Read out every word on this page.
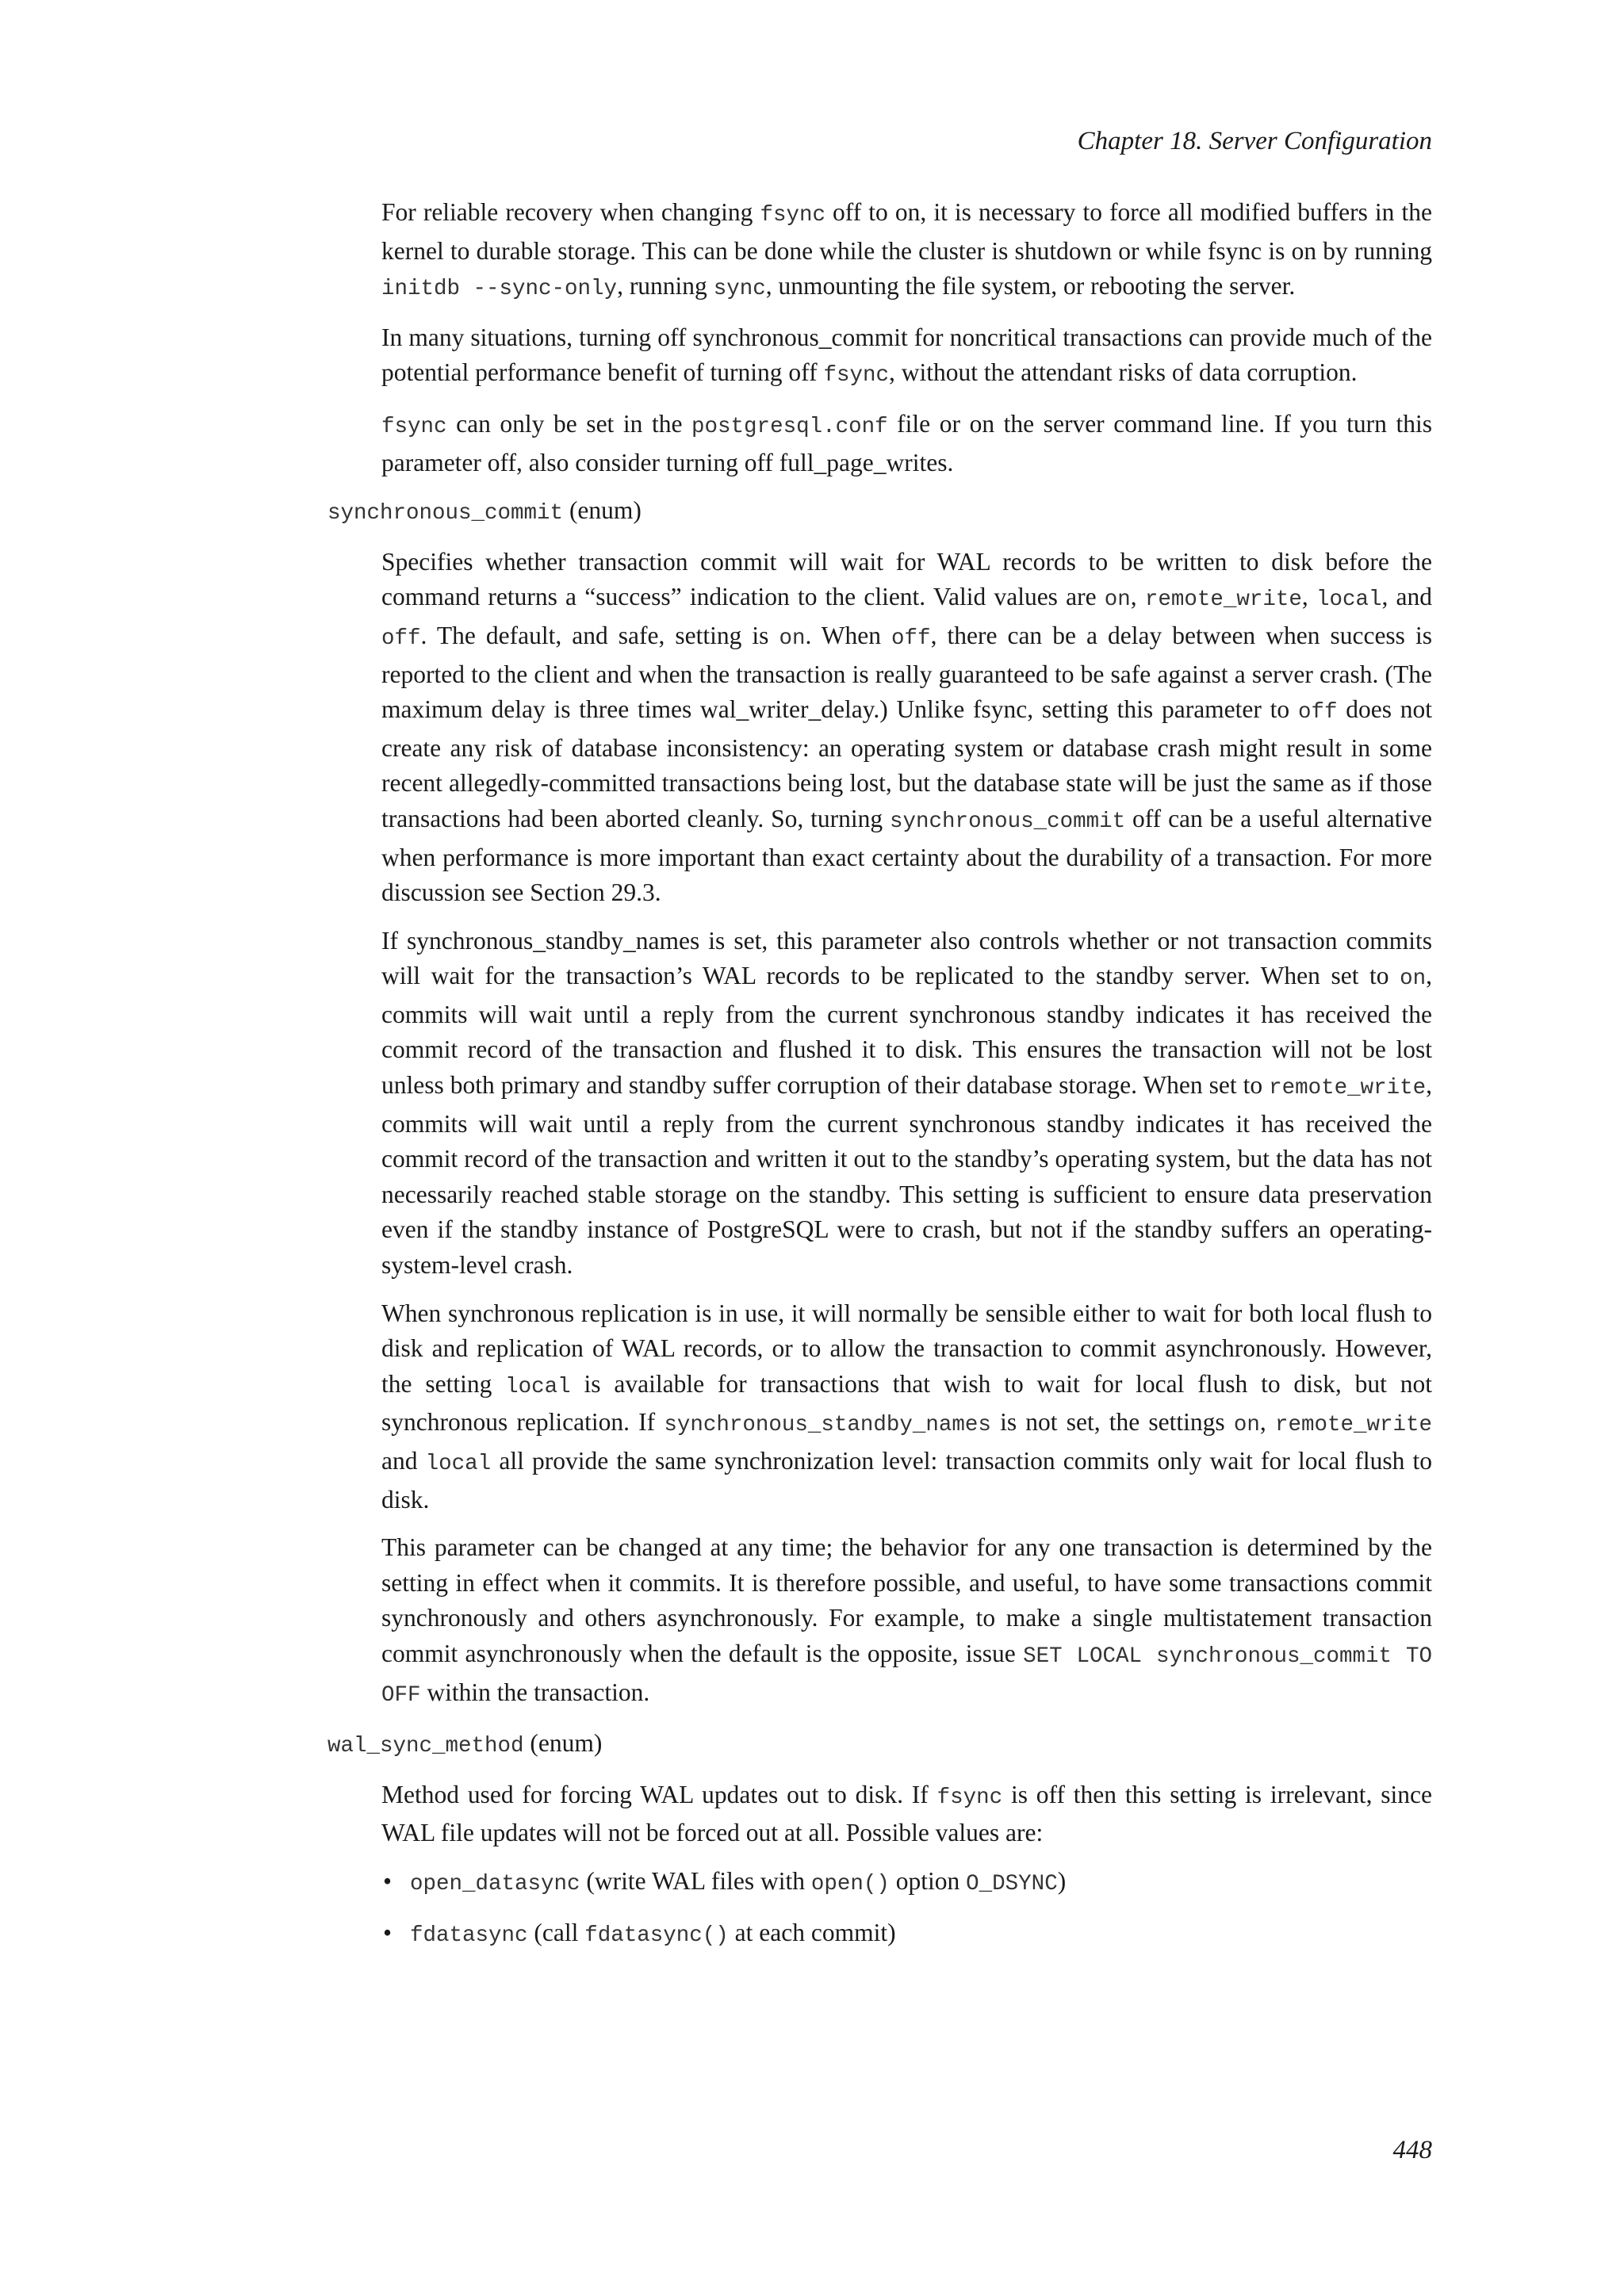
Chapter 18. Server Configuration

For reliable recovery when changing fsync off to on, it is necessary to force all modified buffers in the kernel to durable storage. This can be done while the cluster is shutdown or while fsync is on by running initdb --sync-only, running sync, unmounting the file system, or rebooting the server.

In many situations, turning off synchronous_commit for noncritical transactions can provide much of the potential performance benefit of turning off fsync, without the attendant risks of data corruption.

fsync can only be set in the postgresql.conf file or on the server command line. If you turn this parameter off, also consider turning off full_page_writes.

synchronous_commit (enum)

Specifies whether transaction commit will wait for WAL records to be written to disk before the command returns a “success” indication to the client. Valid values are on, remote_write, local, and off. The default, and safe, setting is on. When off, there can be a delay between when success is reported to the client and when the transaction is really guaranteed to be safe against a server crash. (The maximum delay is three times wal_writer_delay.) Unlike fsync, setting this parameter to off does not create any risk of database inconsistency: an operating system or database crash might result in some recent allegedly-committed transactions being lost, but the database state will be just the same as if those transactions had been aborted cleanly. So, turning synchronous_commit off can be a useful alternative when performance is more important than exact certainty about the durability of a transaction. For more discussion see Section 29.3.

If synchronous_standby_names is set, this parameter also controls whether or not transaction commits will wait for the transaction’s WAL records to be replicated to the standby server. When set to on, commits will wait until a reply from the current synchronous standby indicates it has received the commit record of the transaction and flushed it to disk. This ensures the transaction will not be lost unless both primary and standby suffer corruption of their database storage. When set to remote_write, commits will wait until a reply from the current synchronous standby indicates it has received the commit record of the transaction and written it out to the standby’s operating system, but the data has not necessarily reached stable storage on the standby. This setting is sufficient to ensure data preservation even if the standby instance of PostgreSQL were to crash, but not if the standby suffers an operating-system-level crash.

When synchronous replication is in use, it will normally be sensible either to wait for both local flush to disk and replication of WAL records, or to allow the transaction to commit asynchronously. However, the setting local is available for transactions that wish to wait for local flush to disk, but not synchronous replication. If synchronous_standby_names is not set, the settings on, remote_write and local all provide the same synchronization level: transaction commits only wait for local flush to disk.

This parameter can be changed at any time; the behavior for any one transaction is determined by the setting in effect when it commits. It is therefore possible, and useful, to have some transactions commit synchronously and others asynchronously. For example, to make a single multistatement transaction commit asynchronously when the default is the opposite, issue SET LOCAL synchronous_commit TO OFF within the transaction.

wal_sync_method (enum)

Method used for forcing WAL updates out to disk. If fsync is off then this setting is irrelevant, since WAL file updates will not be forced out at all. Possible values are:

• open_datasync (write WAL files with open() option O_DSYNC)
• fdatasync (call fdatasync() at each commit)
448
